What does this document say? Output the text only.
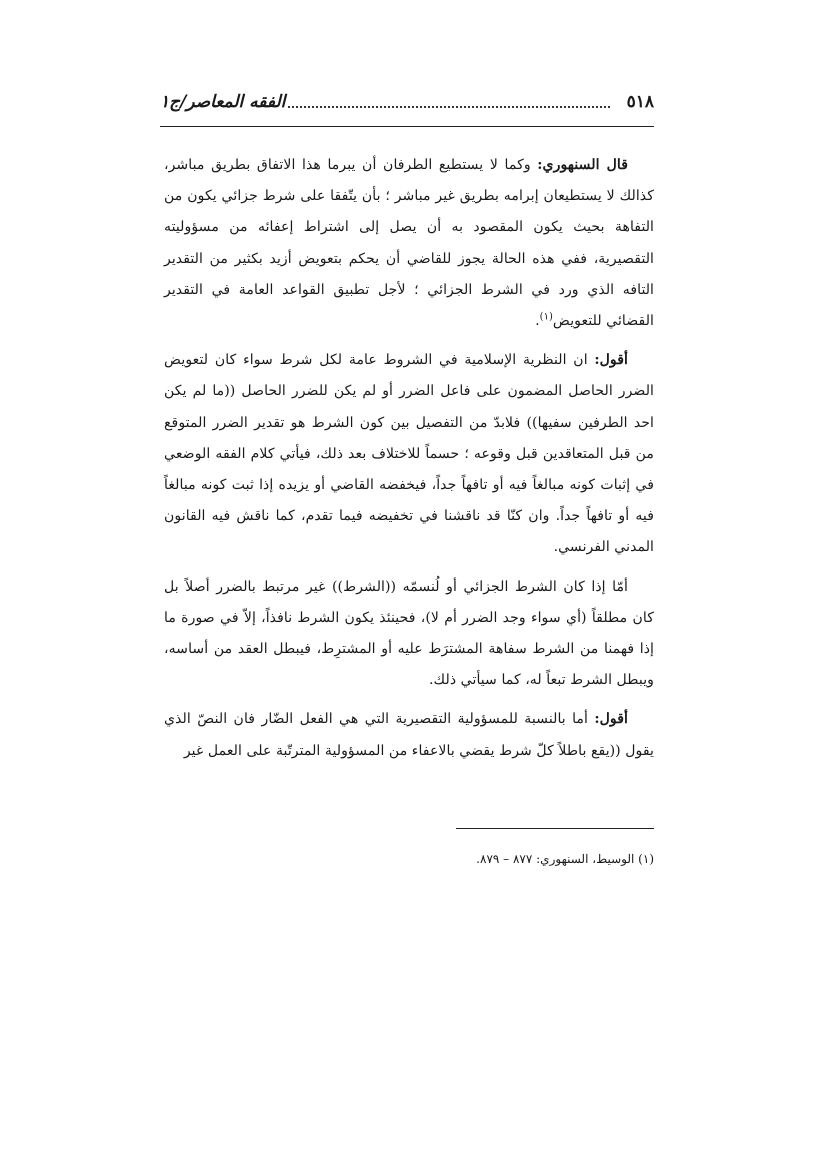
٥١٨
الفقه المعاصر/ج١

قال السنهوري: وكما لا يستطيع الطرفان أن يبرما هذا الاتفاق بطريق مباشر، كذالك لا يستطيعان إبرامه بطريق غير مباشر ؛ بأن يتّفقا على شرط جزائي يكون من التفاهة بحيث يكون المقصود به أن يصل إلى اشتراط إعفائه من مسؤوليته التقصيرية، ففي هذه الحالة يجوز للقاضي أن يحكم بتعويض أزيد بكثير من التقدير التافه الذي ورد في الشرط الجزائي ؛ لأجل تطبيق القواعد العامة في التقدير القضائي للتعويض$^{(١)}$.

أقول: ان النظرية الإسلامية في الشروط عامة لكل شرط سواء كان لتعويض الضرر الحاصل المضمون على فاعل الضرر أو لم يكن للضرر الحاصل ((ما لم يكن احد الطرفين سفيها)) فلابدّ من التفصيل بين كون الشرط هو تقدير الضرر المتوقع من قبل المتعاقدين قبل وقوعه ؛ حسماً للاختلاف بعد ذلك، فيأتي كلام الفقه الوضعي في إثبات كونه مبالغاً فيه أو تافهاً جداً، فيخفضه القاضي أو يزيده إذا ثبت كونه مبالغاً فيه أو تافهاً جداً. وان كنّا قد ناقشنا في تخفيضه فيما تقدم، كما ناقش فيه القانون المدني الفرنسي.

أمّا إذا كان الشرط الجزائي أو لُنسمّه ((الشرط)) غير مرتبط بالضرر أصلاً بل كان مطلقاً (أي سواء وجد الضرر أم لا)، فحينئذ يكون الشرط نافذاً، إلاّ في صورة ما إذا فهمنا من الشرط سفاهة المشترَط عليه أو المشترِط، فيبطل العقد من أساسه، ويبطل الشرط تبعاً له، كما سيأتي ذلك.

أقول: أما بالنسبة للمسؤولية التقصيرية التي هي الفعل الضّار فان النصّ الذي يقول ((يقع باطلاً كلّ شرط يقضي بالاعفاء من المسؤولية المترتّبة على العمل غير

(١) الوسيط، السنهوري: ٨٧٧ – ٨٧٩.
